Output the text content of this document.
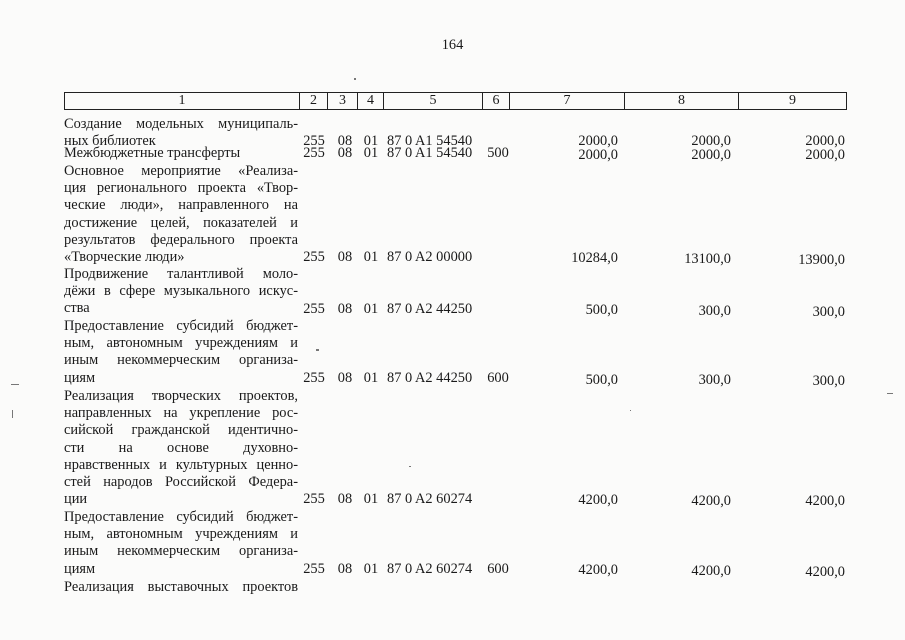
164
1	2	3	4	5	6	7	8	9
Создание модельных муниципаль-
ных библиотек	255 08 01 87 0 A1 54540	2000,0	2000,0	2000,0
Межбюджетные трансферты	255 08 01 87 0 A1 54540	500	2000,0	2000,0	2000,0
Основное мероприятие «Реализа-
ция регионального проекта «Твор-
ческие люди», направленного на
достижение целей, показателей и
результатов федерального проекта
«Творческие люди»	255 08 01 87 0 A2 00000	10284,0	13100,0	13900,0
Продвижение талантливой моло-
дёжи в сфере музыкального искус-
ства	255 08 01 87 0 A2 44250	500,0	300,0	300,0
Предоставление субсидий бюджет-
ным, автономным учреждениям и
иным некоммерческим организа-
циям	255 08 01 87 0 A2 44250	600	500,0	300,0	300,0
Реализация творческих проектов,
направленных на укрепление рос-
сийской гражданской идентично-
сти на основе духовно-
нравственных и культурных ценно-
стей народов Российской Федера-
ции	255 08 01 87 0 A2 60274	4200,0	4200,0	4200,0
Предоставление субсидий бюджет-
ным, автономным учреждениям и
иным некоммерческим организа-
циям	255 08 01 87 0 A2 60274	600	4200,0	4200,0	4200,0
Реализация выставочных проектов
